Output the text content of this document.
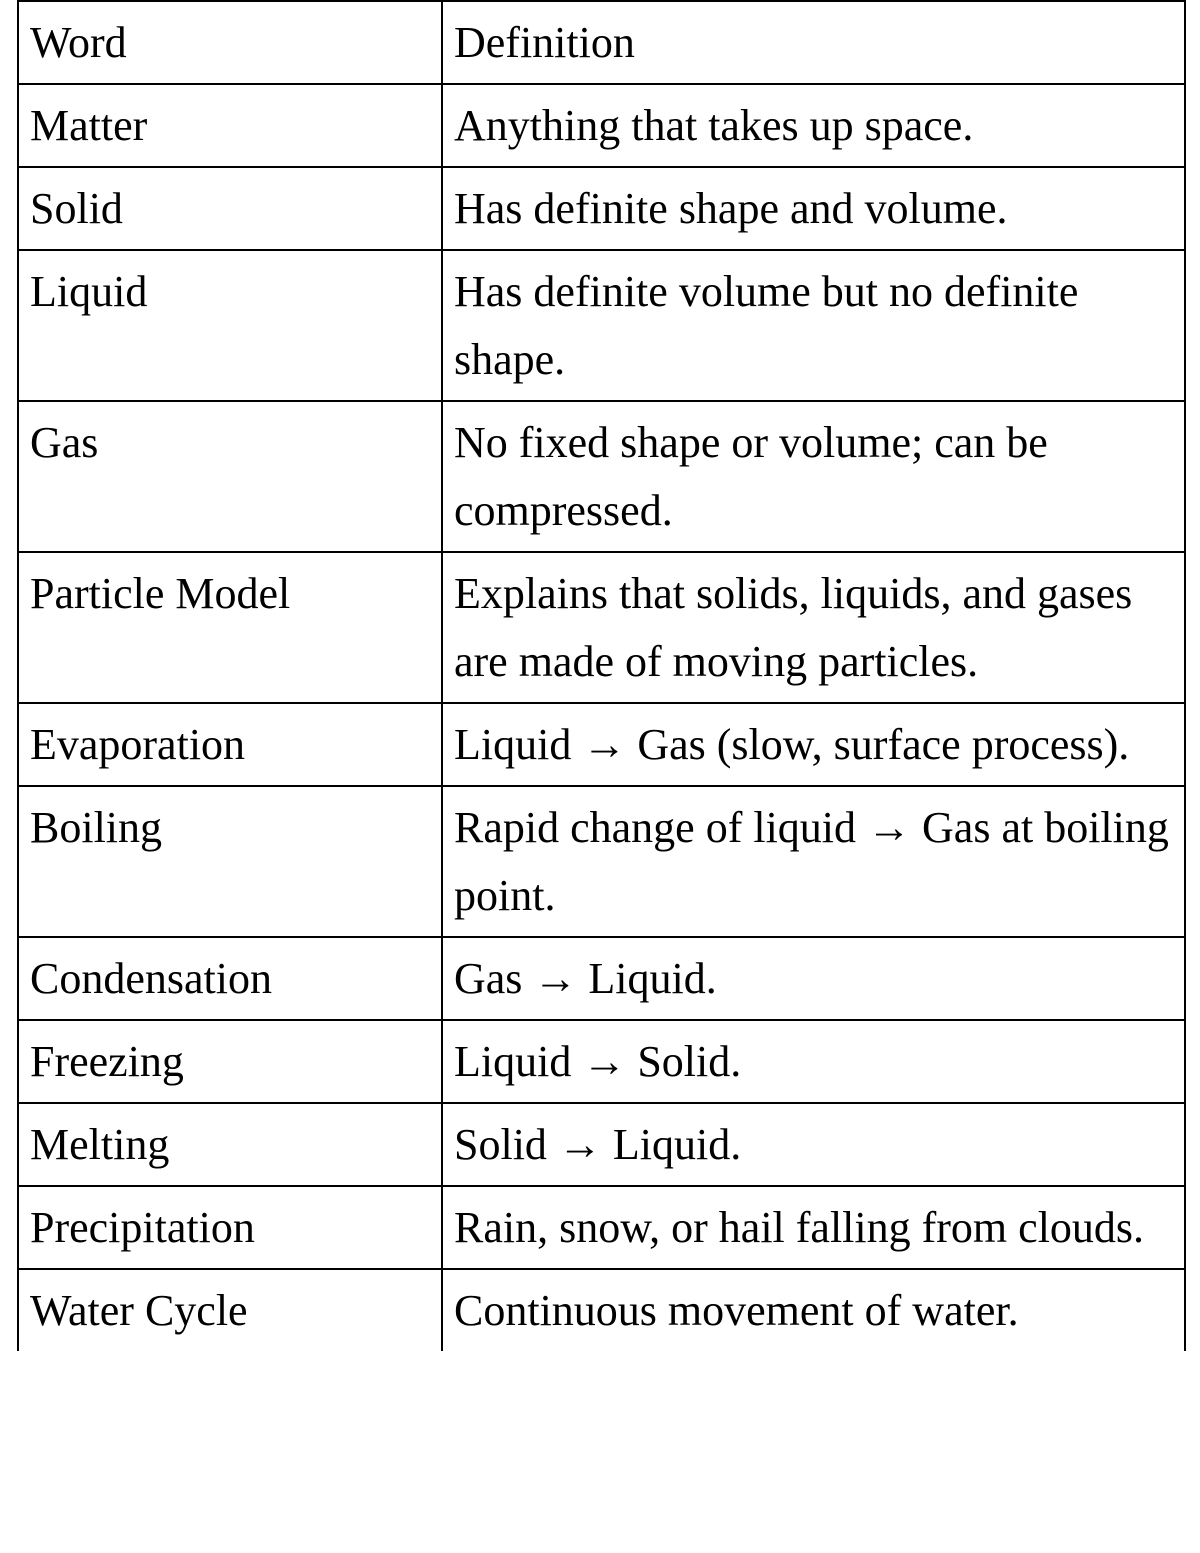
Word	Definition
Matter	Anything that takes up space.
Solid	Has definite shape and volume.
Liquid	Has definite volume but no definite shape.
Gas	No fixed shape or volume; can be compressed.
Particle Model	Explains that solids, liquids, and gases are made of moving particles.
Evaporation	Liquid → Gas (slow, surface process).
Boiling	Rapid change of liquid → Gas at boiling point.
Condensation	Gas → Liquid.
Freezing	Liquid → Solid.
Melting	Solid → Liquid.
Precipitation	Rain, snow, or hail falling from clouds.
Water Cycle	Continuous movement of water.
